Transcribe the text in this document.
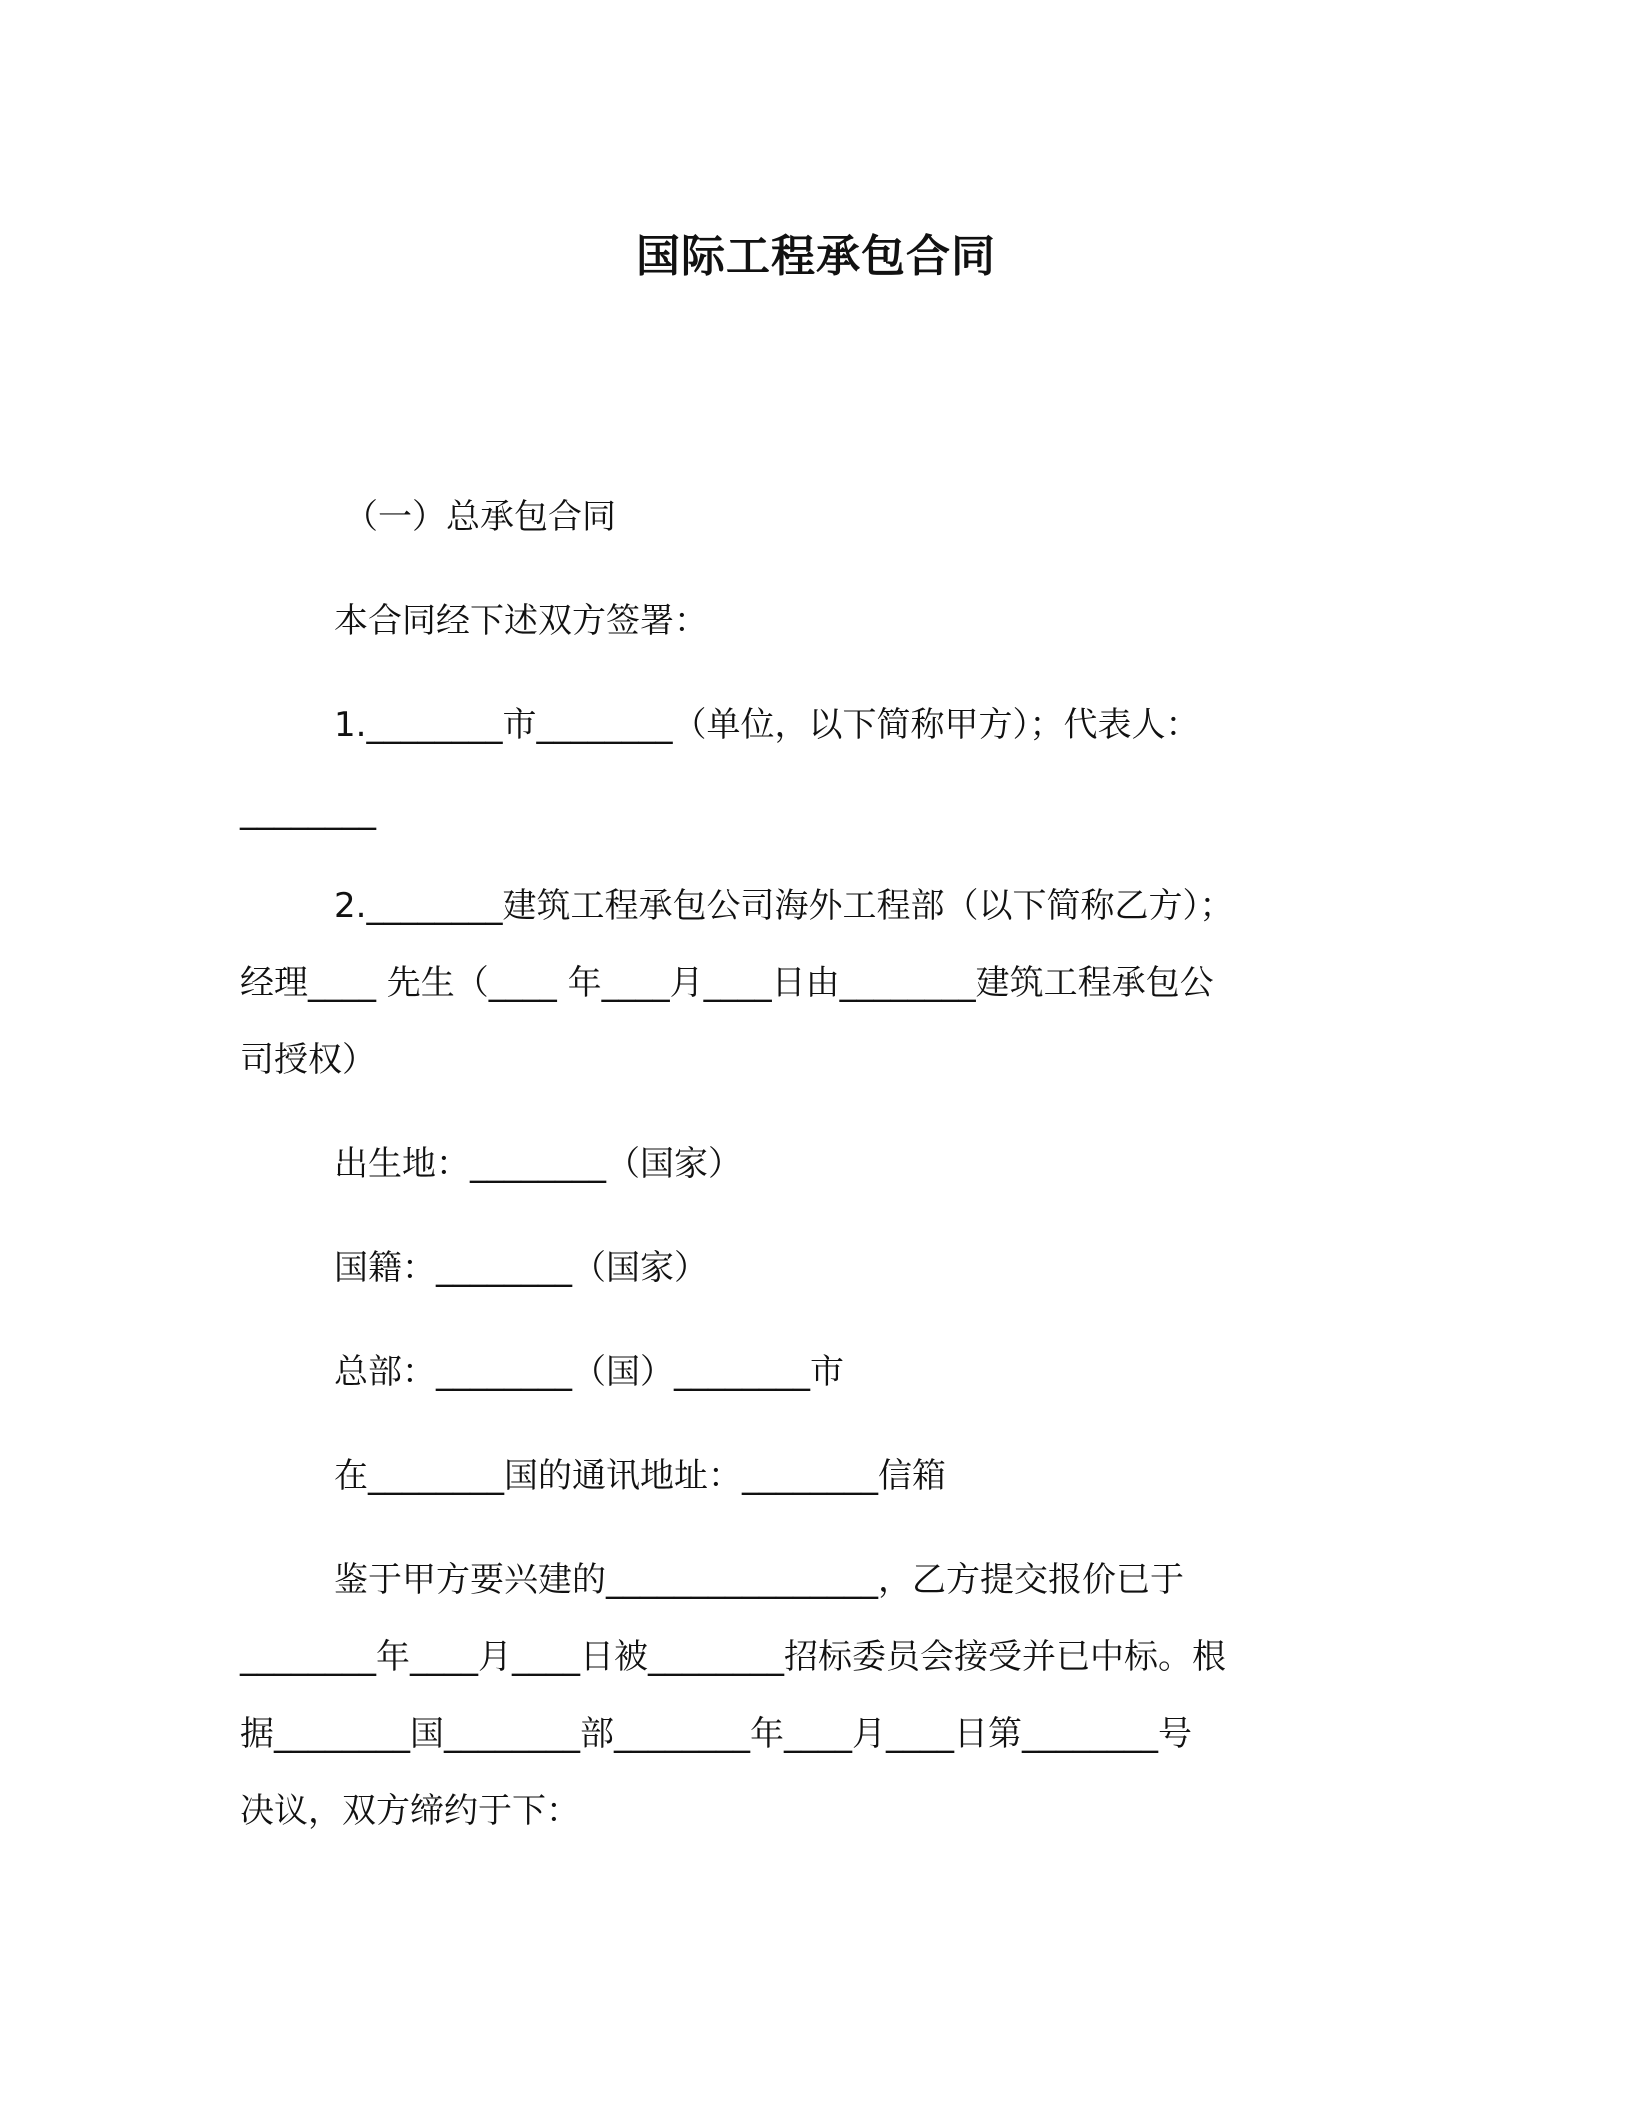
国际工程承包合同
（一）总承包合同
本合同经下述双方签署：
1.________市________（单位，以下简称甲方）；代表人：
________
2.________建筑工程承包公司海外工程部（以下简称乙方）；
经理____ 先生（____ 年____月____日由________建筑工程承包公
司授权）
出生地：________（国家）
国籍：________（国家）
总部：________（国）________市
在________国的通讯地址：________信箱
鉴于甲方要兴建的________________，乙方提交报价已于
________年____月____日被________招标委员会接受并已中标。根
据________国________部________年____月____日第________号
决议，双方缔约于下：
